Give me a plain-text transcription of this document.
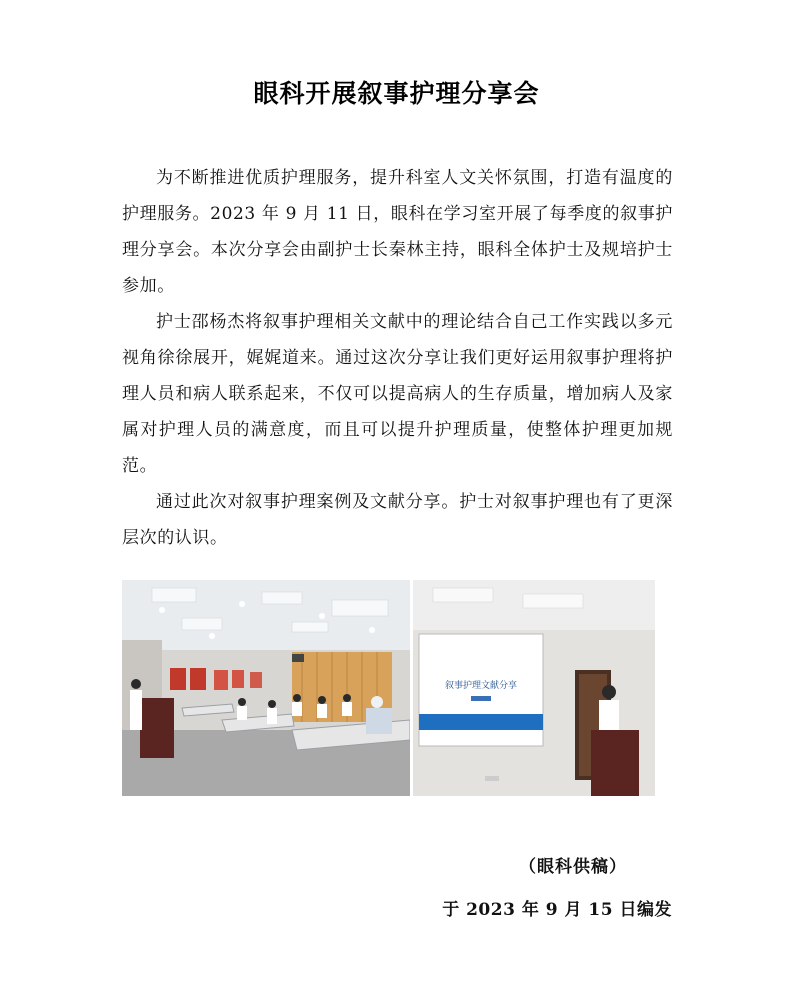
眼科开展叙事护理分享会

为不断推进优质护理服务，提升科室人文关怀氛围，打造有温度的护理服务。2023 年 9 月 11 日，眼科在学习室开展了每季度的叙事护理分享会。本次分享会由副护士长秦林主持，眼科全体护士及规培护士参加。

护士邵杨杰将叙事护理相关文献中的理论结合自己工作实践以多元视角徐徐展开，娓娓道来。通过这次分享让我们更好运用叙事护理将护理人员和病人联系起来，不仅可以提高病人的生存质量，增加病人及家属对护理人员的满意度，而且可以提升护理质量，使整体护理更加规范。

通过此次对叙事护理案例及文献分享。护士对叙事护理也有了更深层次的认识。

叙事护理文献分享
（眼科供稿）
于 2023 年 9 月 15 日编发
